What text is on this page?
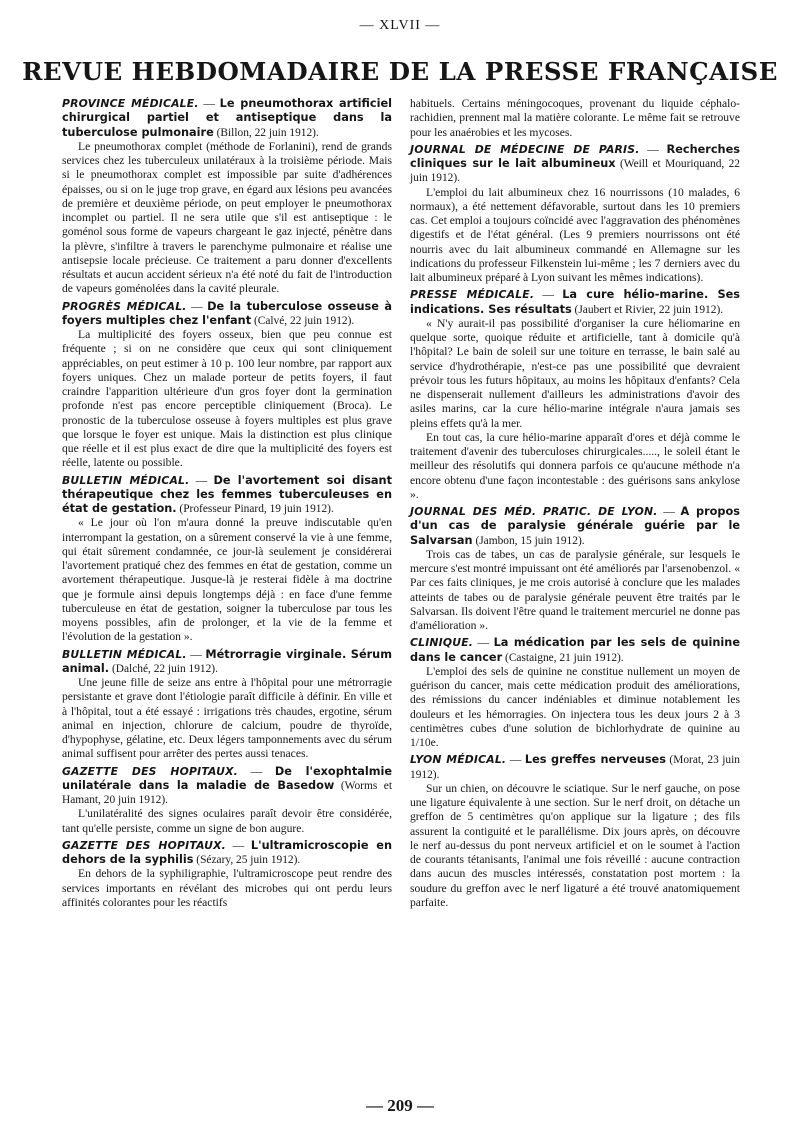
— XLVII —
REVUE HEBDOMADAIRE DE LA PRESSE FRANÇAISE

PROVINCE MÉDICALE. — Le pneumothorax artificiel chirurgical partiel et antiseptique dans la tuberculose pulmonaire (Billon, 22 juin 1912).

Le pneumothorax complet (méthode de Forlanini), rend de grands services chez les tuberculeux unilatéraux à la troisième période. Mais si le pneumothorax complet est impossible par suite d'adhérences épaisses, ou si on le juge trop grave, en égard aux lésions peu avancées de première et deuxième période, on peut employer le pneumothorax incomplet ou partiel. Il ne sera utile que s'il est antiseptique : le goménol sous forme de vapeurs chargeant le gaz injecté, pénètre dans la plèvre, s'infiltre à travers le parenchyme pulmonaire et réalise une antisepsie locale précieuse. Ce traitement a paru donner d'excellents résultats et aucun accident sérieux n'a été noté du fait de l'introduction de vapeurs goménolées dans la cavité pleurale.

PROGRÈS MÉDICAL. — De la tuberculose osseuse à foyers multiples chez l'enfant (Calvé, 22 juin 1912).

La multiplicité des foyers osseux, bien que peu connue est fréquente ; si on ne considère que ceux qui sont cliniquement appréciables, on peut estimer à 10 p. 100 leur nombre, par rapport aux foyers uniques. Chez un malade porteur de petits foyers, il faut craindre l'apparition ultérieure d'un gros foyer dont la germination profonde n'est pas encore perceptible cliniquement (Broca). Le pronostic de la tuberculose osseuse à foyers multiples est plus grave que lorsque le foyer est unique. Mais la distinction est plus clinique que réelle et il est plus exact de dire que la multiplicité des foyers est réelle, latente ou possible.

BULLETIN MÉDICAL. — De l'avortement soi disant thérapeutique chez les femmes tuberculeuses en état de gestation. (Professeur Pinard, 19 juin 1912).

« Le jour où l'on m'aura donné la preuve indiscutable qu'en interrompant la gestation, on a sûrement conservé la vie à une femme, qui était sûrement condamnée, ce jour-là seulement je considérerai l'avortement pratiqué chez des femmes en état de gestation, comme un avortement thérapeutique. Jusque-là je resterai fidèle à ma doctrine que je formule ainsi depuis longtemps déjà : en face d'une femme tuberculeuse en état de gestation, soigner la tuberculose par tous les moyens possibles, afin de prolonger, et la vie de la femme et l'évolution de la gestation ».

BULLETIN MÉDICAL. — Métrorragie virginale. Sérum animal. (Dalché, 22 juin 1912).

Une jeune fille de seize ans entre à l'hôpital pour une métrorragie persistante et grave dont l'étiologie paraît difficile à définir. En ville et à l'hôpital, tout a été essayé : irrigations très chaudes, ergotine, sérum animal en injection, chlorure de calcium, poudre de thyroïde, d'hypophyse, gélatine, etc. Deux légers tamponnements avec du sérum animal suffisent pour arrêter des pertes aussi tenaces.

GAZETTE DES HOPITAUX. — De l'exophtalmie unilatérale dans la maladie de Basedow (Worms et Hamant, 20 juin 1912).

L'unilatéralité des signes oculaires paraît devoir être considérée, tant qu'elle persiste, comme un signe de bon augure.

GAZETTE DES HOPITAUX. — L'ultramicroscopie en dehors de la syphilis (Sézary, 25 juin 1912).

En dehors de la syphiligraphie, l'ultramicroscope peut rendre des services importants en révélant des microbes qui ont perdu leurs affinités colorantes pour les réactifs

habituels. Certains méningocoques, provenant du liquide céphalo-rachidien, prennent mal la matière colorante. Le même fait se retrouve pour les anaérobies et les mycoses.

JOURNAL DE MÉDECINE DE PARIS. — Recherches cliniques sur le lait albumineux (Weill et Mouriquand, 22 juin 1912).

L'emploi du lait albumineux chez 16 nourrissons (10 malades, 6 normaux), a été nettement défavorable, surtout dans les 10 premiers cas. Cet emploi a toujours coïncidé avec l'aggravation des phénomènes digestifs et de l'état général. (Les 9 premiers nourrissons ont été nourris avec du lait albumineux commandé en Allemagne sur les indications du professeur Filkenstein lui-même ; les 7 derniers avec du lait albumineux préparé à Lyon suivant les mêmes indications).

PRESSE MÉDICALE. — La cure hélio-marine. Ses indications. Ses résultats (Jaubert et Rivier, 22 juin 1912).

« N'y aurait-il pas possibilité d'organiser la cure héliomarine en quelque sorte, quoique réduite et artificielle, tant à domicile qu'à l'hôpital? Le bain de soleil sur une toiture en terrasse, le bain salé au service d'hydrothérapie, n'est-ce pas une possibilité que devraient prévoir tous les futurs hôpitaux, au moins les hôpitaux d'enfants? Cela ne dispenserait nullement d'ailleurs les administrations d'avoir des asiles marins, car la cure hélio-marine intégrale n'aura jamais ses pleins effets qu'à la mer.

En tout cas, la cure hélio-marine apparaît d'ores et déjà comme le traitement d'avenir des tuberculoses chirurgicales....., le soleil étant le meilleur des résolutifs qui donnera parfois ce qu'aucune méthode n'a encore obtenu d'une façon incontestable : des guérisons sans ankylose ».

JOURNAL DES MÉD. PRATIC. DE LYON. — A propos d'un cas de paralysie générale guérie par le Salvarsan (Jambon, 15 juin 1912).

Trois cas de tabes, un cas de paralysie générale, sur lesquels le mercure s'est montré impuissant ont été améliorés par l'arsenobenzol. « Par ces faits cliniques, je me crois autorisé à conclure que les malades atteints de tabes ou de paralysie générale peuvent être traités par le Salvarsan. Ils doivent l'être quand le traitement mercuriel ne donne pas d'amélioration ».

CLINIQUE. — La médication par les sels de quinine dans le cancer (Castaigne, 21 juin 1912).

L'emploi des sels de quinine ne constitue nullement un moyen de guérison du cancer, mais cette médication produit des améliorations, des rémissions du cancer indéniables et diminue notablement les douleurs et les hémorragies. On injectera tous les deux jours 2 à 3 centimètres cubes d'une solution de bichlorhydrate de quinine au 1/10e.

LYON MÉDICAL. — Les greffes nerveuses (Morat, 23 juin 1912).

Sur un chien, on découvre le sciatique. Sur le nerf gauche, on pose une ligature équivalente à une section. Sur le nerf droit, on détache un greffon de 5 centimètres qu'on applique sur la ligature ; des fils assurent la contiguité et le parallélisme. Dix jours après, on découvre le nerf au-dessus du pont nerveux artificiel et on le soumet à l'action de courants tétanisants, l'animal une fois réveillé : aucune contraction dans aucun des muscles intéressés, constatation post mortem : la soudure du greffon avec le nerf ligaturé a été trouvé anatomiquement parfaite.

— 209 —
